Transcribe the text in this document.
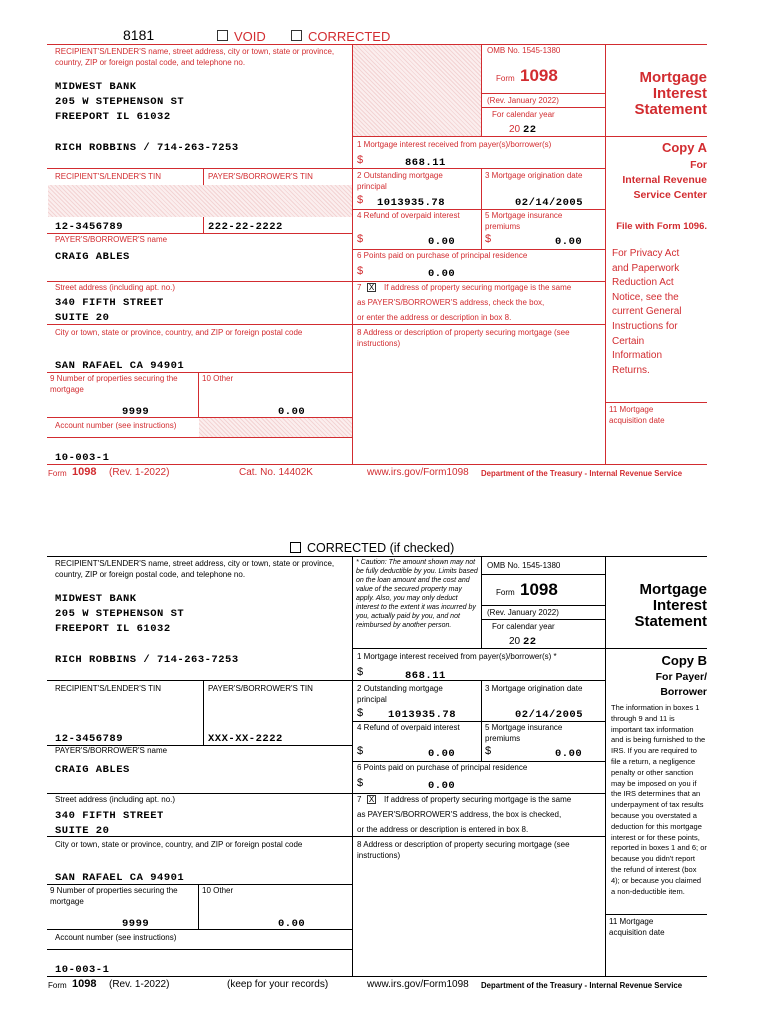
8181	VOID	CORRECTED
RECIPIENT'S/LENDER'S name, street address, city or town, state or province, country, ZIP or foreign postal code, and telephone no.
MIDWEST BANK
205 W STEPHENSON ST
FREEPORT IL 61032
RICH ROBBINS / 714-263-7253
OMB No. 1545-1380
Form 1098
(Rev. January 2022)
For calendar year
20 22
Mortgage
Interest
Statement
1 Mortgage interest received from payer(s)/borrower(s)
$	868.11
2 Outstanding mortgage principal
$ 1013935.78
3 Mortgage origination date
02/14/2005
4 Refund of overpaid interest
$	0.00
5 Mortgage insurance premiums
$	0.00
6 Points paid on purchase of principal residence
$	0.00
7 X If address of property securing mortgage is the same
as PAYER'S/BORROWER'S address, check the box,
or enter the address or description in box 8.
8 Address or description of property securing mortgage (see instructions)
11 Mortgage acquisition date
RECIPIENT'S/LENDER'S TIN	PAYER'S/BORROWER'S TIN
12-3456789	222-22-2222
PAYER'S/BORROWER'S name
CRAIG ABLES
Street address (including apt. no.)
340 FIFTH STREET
SUITE 20
City or town, state or province, country, and ZIP or foreign postal code
SAN RAFAEL CA 94901
9 Number of properties securing the mortgage
9999
10 Other
0.00
Account number (see instructions)
10-003-1
Copy A
For
Internal Revenue
Service Center
File with Form 1096.
For Privacy Act
and Paperwork
Reduction Act
Notice, see the
current General
Instructions for
Certain
Information
Returns.
Form 1098 (Rev. 1-2022)	Cat. No. 14402K	www.irs.gov/Form1098 Department of the Treasury - Internal Revenue Service
CORRECTED (if checked)
RECIPIENT'S/LENDER'S name, street address, city or town, state or province, country, ZIP or foreign postal code, and telephone no.
MIDWEST BANK
205 W STEPHENSON ST
FREEPORT IL 61032
RICH ROBBINS / 714-263-7253
* Caution: The amount shown may not be fully deductible by you. Limits based on the loan amount and the cost and value of the secured property may apply. Also, you may only deduct interest to the extent it was incurred by you, actually paid by you, and not reimbursed by another person.
OMB No. 1545-1380
Form 1098
(Rev. January 2022)
For calendar year
20 22
Mortgage
Interest
Statement
1 Mortgage interest received from payer(s)/borrower(s) *
$	868.11
2 Outstanding mortgage principal
$ 1013935.78
3 Mortgage origination date
02/14/2005
4 Refund of overpaid interest
$	0.00
5 Mortgage insurance premiums
$	0.00
6 Points paid on purchase of principal residence
$	0.00
7 X If address of property securing mortgage is the same
as PAYER'S/BORROWER'S address, the box is checked,
or the address or description is entered in box 8.
8 Address or description of property securing mortgage (see instructions)
11 Mortgage acquisition date
RECIPIENT'S/LENDER'S TIN	PAYER'S/BORROWER'S TIN
12-3456789	XXX-XX-2222
PAYER'S/BORROWER'S name
CRAIG ABLES
Street address (including apt. no.)
340 FIFTH STREET
SUITE 20
City or town, state or province, country, and ZIP or foreign postal code
SAN RAFAEL CA 94901
9 Number of properties securing the mortgage
9999
10 Other
0.00
Account number (see instructions)
10-003-1
Copy B
For Payer/
Borrower
The information in boxes 1 through 9 and 11 is important tax information and is being furnished to the IRS. If you are required to file a return, a negligence penalty or other sanction may be imposed on you if the IRS determines that an underpayment of tax results because you overstated a deduction for this mortgage interest or for these points, reported in boxes 1 and 6; or because you didn't report the refund of interest (box 4); or because you claimed a non-deductible item.
Form 1098 (Rev. 1-2022)	(keep for your records)	www.irs.gov/Form1098 Department of the Treasury - Internal Revenue Service
